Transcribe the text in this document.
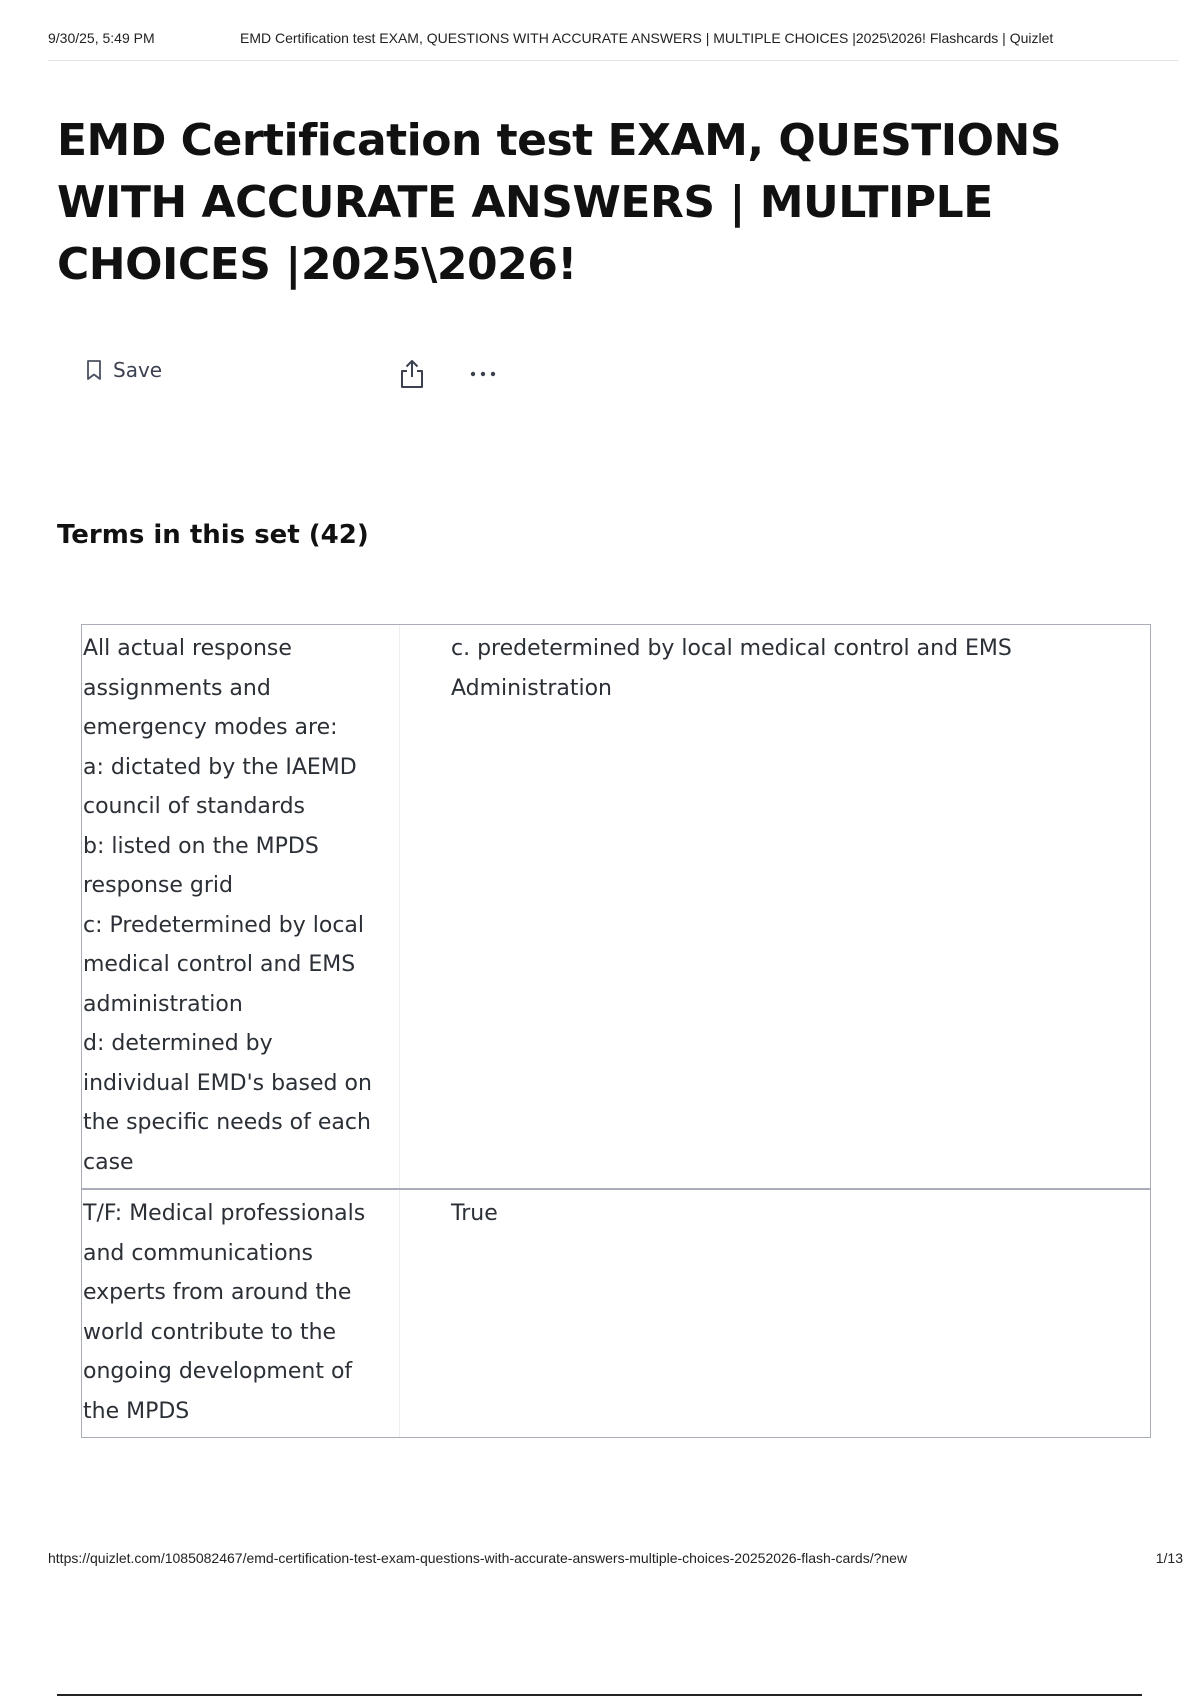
9/30/25, 5:49 PM	EMD Certification test EXAM, QUESTIONS WITH ACCURATE ANSWERS | MULTIPLE CHOICES |2025\2026! Flashcards | Quizlet
EMD Certification test EXAM, QUESTIONS WITH ACCURATE ANSWERS | MULTIPLE CHOICES |2025\2026!
Save
Terms in this set (42)
All actual response
assignments and
emergency modes are:
a: dictated by the IAEMD
council of standards
b: listed on the MPDS
response grid
c: Predetermined by local
medical control and EMS
administration
d: determined by
individual EMD's based on
the specific needs of each
case
c. predetermined by local medical control and EMS Administration
T/F: Medical professionals
and communications
experts from around the
world contribute to the
ongoing development of
the MPDS
True
https://quizlet.com/1085082467/emd-certification-test-exam-questions-with-accurate-answers-multiple-choices-20252026-flash-cards/?new	1/13
